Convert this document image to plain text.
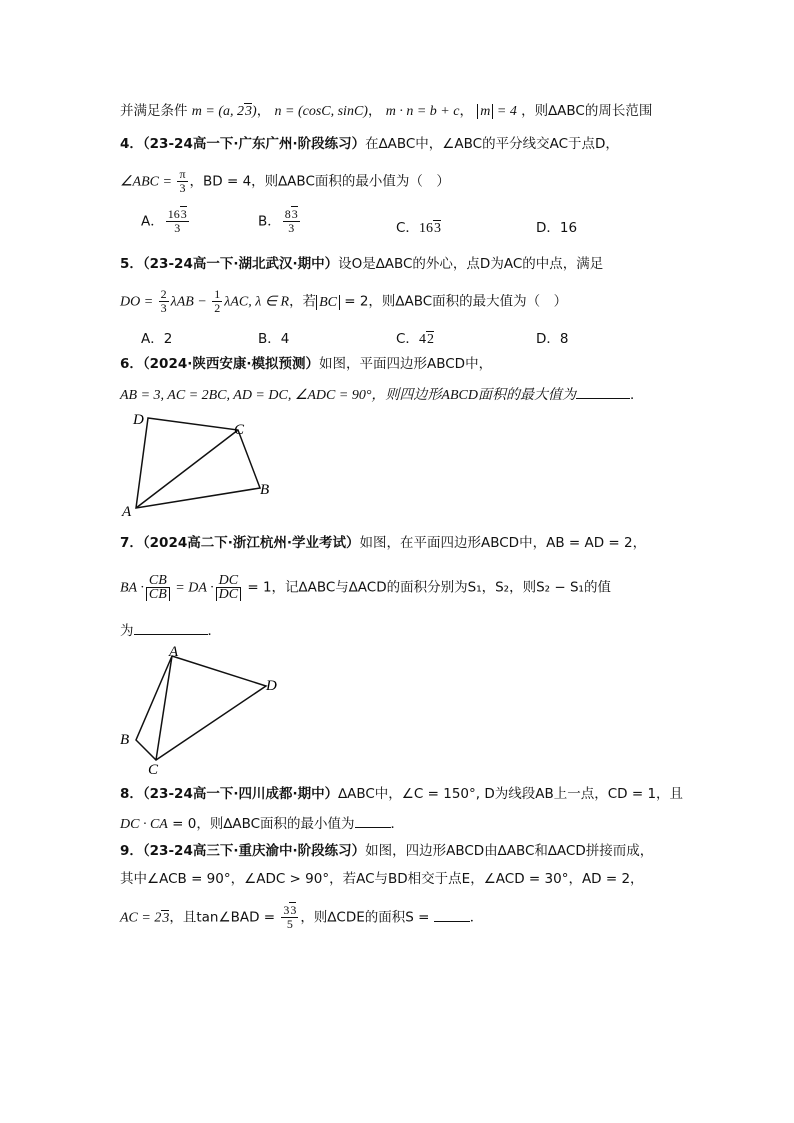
并满足条件 m = (a, 23)， n = (cosC, sinC)， m · n = b + c， m = 4 ，则∆ABC的周长范围
4．（23-24高一下·广东广州·阶段练习）在∆ABC中，∠ABC的平分线交AC于点D，
∠ABC = $\frac{\pi}{3}$ ，BD = 4，则∆ABC面积的最小值为（　）
A． $\frac{163}{3}$	B． $\frac{83}{3}$	C．163	D．16
5．（23-24高一下·湖北武汉·期中）设O是∆ABC的外心，点D为AC的中点，满足
DO = $\frac{2}{3}$ $\lambda AB - \frac{1}{2} \lambda AC$, λ ∈ R，若 BC = 2，则∆ABC面积的最大值为（　）
A．2	B．4	C．42	D．8
6．（2024·陕西安康·模拟预测）如图，平面四边形ABCD中，
AB = 3, AC = 2BC, AD = DC, ∠ADC = 90°，则四边形ABCD面积的最大值为	．
D
C
B
A
7．（2024高二下·浙江杭州·学业考试）如图，在平面四边形ABCD中，AB = AD = 2，
BA · $\frac{CB}{CB}$ = DA · $\frac{DC}{DC} = 1$，记∆ABC与∆ACD的面积分别为S₁，S₂，则S₂ − S₁的值
为	．
A
D
B
C
8．（23-24高一下·四川成都·期中）∆ABC中，∠C = 150°, D为线段AB上一点，CD = 1，且
DC · CA = 0，则∆ABC面积的最小值为	．
9．（23-24高三下·重庆渝中·阶段练习）如图，四边形ABCD由∆ABC和∆ACD拼接而成，
其中∠ACB = 90°，∠ADC > 90°，若AC与BD相交于点E，∠ACD = 30°，AD = 2，
AC = 23，且tan∠BAD = $\frac{33}{5}$ ，则∆CDE的面积S =	．
